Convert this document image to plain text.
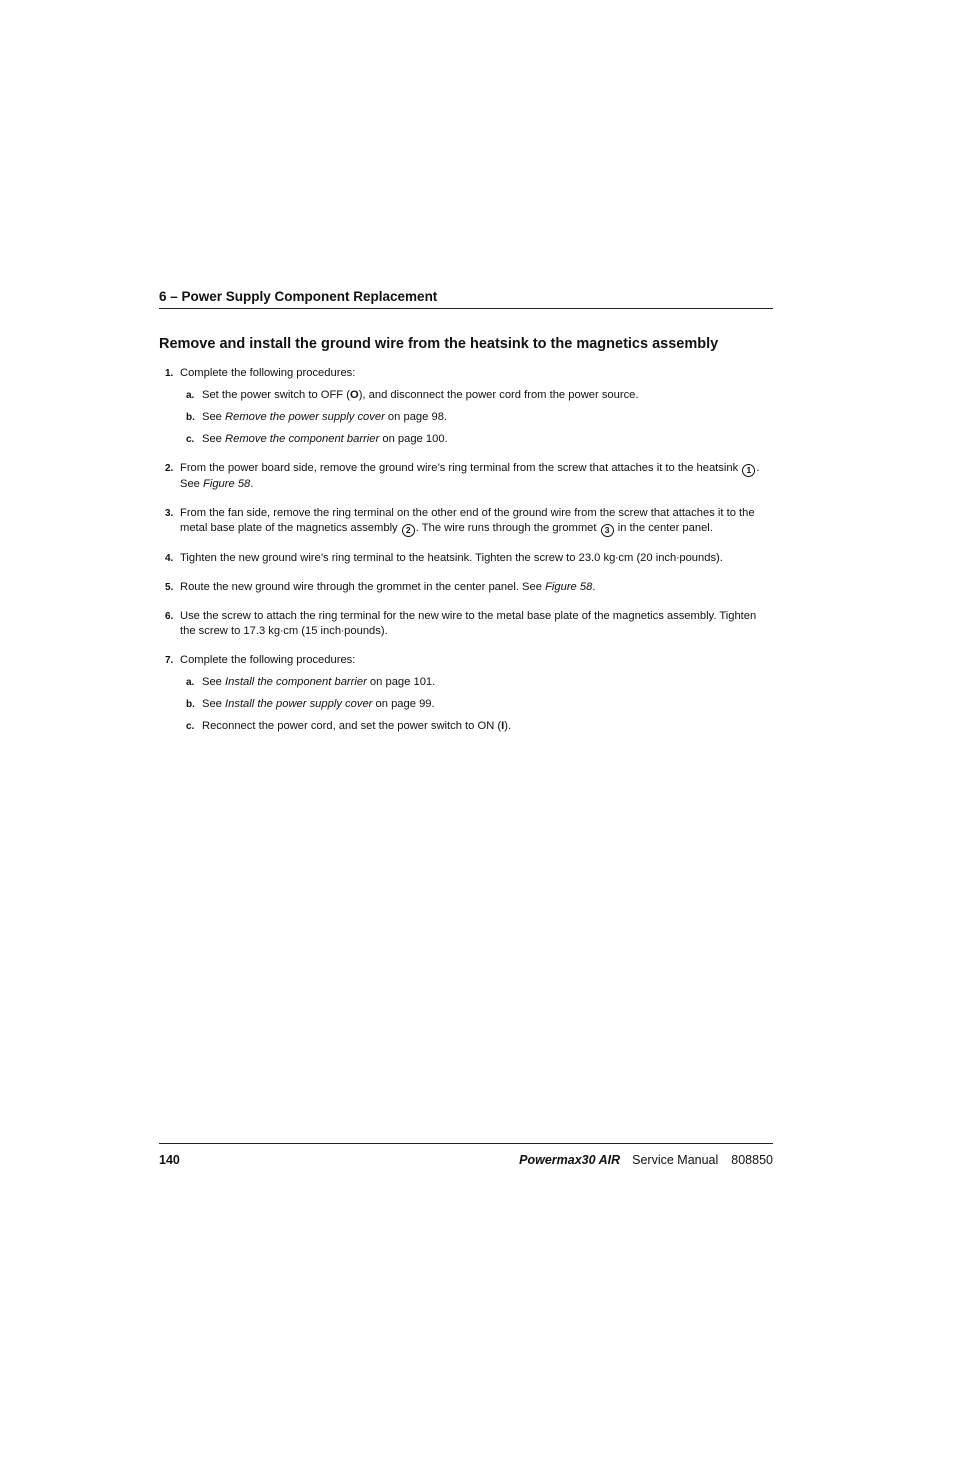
6 – Power Supply Component Replacement
Remove and install the ground wire from the heatsink to the magnetics assembly
1. Complete the following procedures:
a. Set the power switch to OFF (O), and disconnect the power cord from the power source.
b. See Remove the power supply cover on page 98.
c. See Remove the component barrier on page 100.
2. From the power board side, remove the ground wire’s ring terminal from the screw that attaches it to the heatsink 1 . See Figure 58.
3. From the fan side, remove the ring terminal on the other end of the ground wire from the screw that attaches it to the metal base plate of the magnetics assembly 2 . The wire runs through the grommet 3 in the center panel.
4. Tighten the new ground wire’s ring terminal to the heatsink. Tighten the screw to 23.0 kg∙cm (20 inch∙pounds).
5. Route the new ground wire through the grommet in the center panel. See Figure 58.
6. Use the screw to attach the ring terminal for the new wire to the metal base plate of the magnetics assembly. Tighten the screw to 17.3 kg∙cm (15 inch∙pounds).
7. Complete the following procedures:
a. See Install the component barrier on page 101.
b. See Install the power supply cover on page 99.
c. Reconnect the power cord, and set the power switch to ON (I).
140	Powermax30 AIR Service Manual 808850
